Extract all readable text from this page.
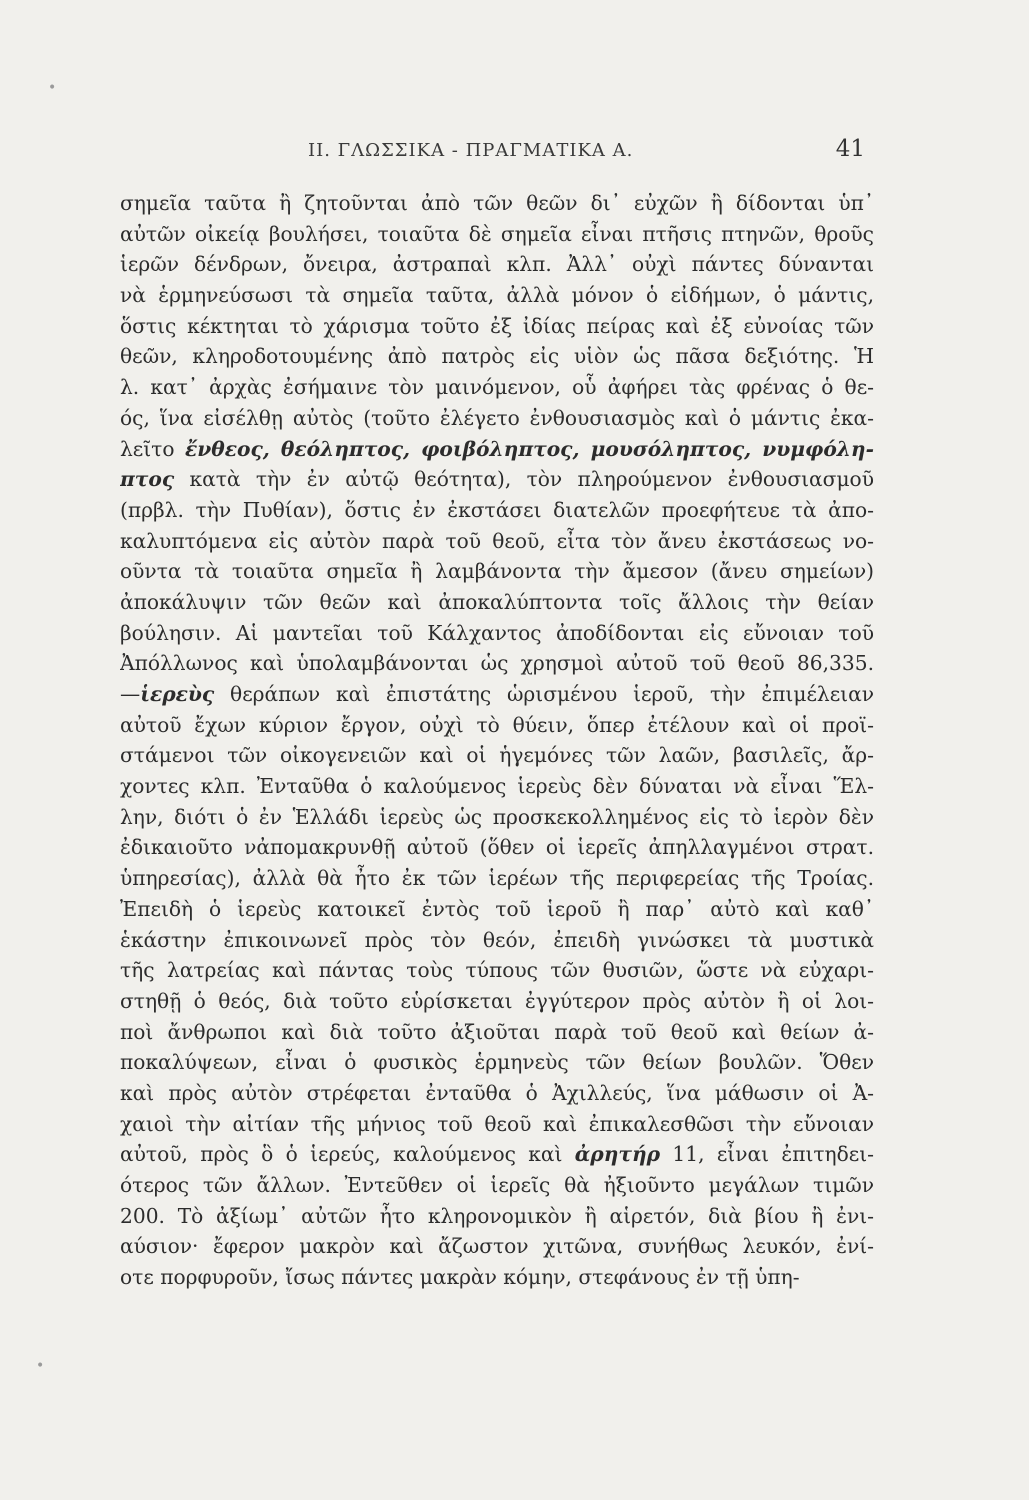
II. ΓΛΩΣΣΙΚΑ - ΠΡΑΓΜΑΤΙΚΑ Α.	41
σημεῖα ταῦτα ἢ ζητοῦνται ἀπὸ τῶν θεῶν δι᾽ εὐχῶν ἢ δίδονται ὑπ᾽
αὐτῶν οἰκείᾳ βουλήσει, τοιαῦτα δὲ σημεῖα εἶναι πτῆσις πτηνῶν, θροῦς
ἱερῶν δένδρων, ὄνειρα, ἀστραπαὶ κλπ. Ἀλλ᾽ οὐχὶ πάντες δύνανται
νὰ ἑρμηνεύσωσι τὰ σημεῖα ταῦτα, ἀλλὰ μόνον ὁ εἰδήμων, ὁ μάντις,
ὅστις κέκτηται τὸ χάρισμα τοῦτο ἐξ ἰδίας πείρας καὶ ἐξ εὐνοίας τῶν
θεῶν, κληροδοτουμένης ἀπὸ πατρὸς εἰς υἱὸν ὡς πᾶσα δεξιότης. Ἡ
λ. κατ᾽ ἀρχὰς ἐσήμαινε τὸν μαινόμενον, οὗ ἀφήρει τὰς φρένας ὁ θε-
ός, ἵνα εἰσέλθῃ αὐτὸς (τοῦτο ἐλέγετο ἐνθουσιασμὸς καὶ ὁ μάντις ἐκα-
λεῖτο ἔνθεος, θεόληπτος, φοιβόληπτος, μουσόληπτος, νυμφόλη-
πτος κατὰ τὴν ἐν αὐτῷ θεότητα), τὸν πληρούμενον ἐνθουσιασμοῦ
(πρβλ. τὴν Πυθίαν), ὅστις ἐν ἐκστάσει διατελῶν προεφήτευε τὰ ἀπο-
καλυπτόμενα εἰς αὐτὸν παρὰ τοῦ θεοῦ, εἶτα τὸν ἄνευ ἐκστάσεως νο-
οῦντα τὰ τοιαῦτα σημεῖα ἢ λαμβάνοντα τὴν ἄμεσον (ἄνευ σημείων)
ἀποκάλυψιν τῶν θεῶν καὶ ἀποκαλύπτοντα τοῖς ἄλλοις τὴν θείαν
βούλησιν. Αἱ μαντεῖαι τοῦ Κάλχαντος ἀποδίδονται εἰς εὔνοιαν τοῦ
Ἀπόλλωνος καὶ ὑπολαμβάνονται ὡς χρησμοὶ αὐτοῦ τοῦ θεοῦ 86,335.
—ἱερεὺς θεράπων καὶ ἐπιστάτης ὡρισμένου ἱεροῦ, τὴν ἐπιμέλειαν
αὐτοῦ ἔχων κύριον ἔργον, οὐχὶ τὸ θύειν, ὅπερ ἐτέλουν καὶ οἱ προϊ-
στάμενοι τῶν οἰκογενειῶν καὶ οἱ ἡγεμόνες τῶν λαῶν, βασιλεῖς, ἄρ-
χοντες κλπ. Ἐνταῦθα ὁ καλούμενος ἱερεὺς δὲν δύναται νὰ εἶναι Ἕλ-
λην, διότι ὁ ἐν Ἑλλάδι ἱερεὺς ὡς προσκεκολλημένος εἰς τὸ ἱερὸν δὲν
ἐδικαιοῦτο νἀπομακρυνθῇ αὐτοῦ (ὅθεν οἱ ἱερεῖς ἀπηλλαγμένοι στρατ.
ὑπηρεσίας), ἀλλὰ θὰ ἦτο ἐκ τῶν ἱερέων τῆς περιφερείας τῆς Τροίας.
Ἐπειδὴ ὁ ἱερεὺς κατοικεῖ ἐντὸς τοῦ ἱεροῦ ἢ παρ᾽ αὐτὸ καὶ καθ᾽
ἑκάστην ἐπικοινωνεῖ πρὸς τὸν θεόν, ἐπειδὴ γινώσκει τὰ μυστικὰ
τῆς λατρείας καὶ πάντας τοὺς τύπους τῶν θυσιῶν, ὥστε νὰ εὐχαρι-
στηθῇ ὁ θεός, διὰ τοῦτο εὑρίσκεται ἐγγύτερον πρὸς αὐτὸν ἢ οἱ λοι-
ποὶ ἄνθρωποι καὶ διὰ τοῦτο ἀξιοῦται παρὰ τοῦ θεοῦ καὶ θείων ἀ-
ποκαλύψεων, εἶναι ὁ φυσικὸς ἑρμηνεὺς τῶν θείων βουλῶν. Ὅθεν
καὶ πρὸς αὐτὸν στρέφεται ἐνταῦθα ὁ Ἀχιλλεύς, ἵνα μάθωσιν οἱ Ἀ-
χαιοὶ τὴν αἰτίαν τῆς μήνιος τοῦ θεοῦ καὶ ἐπικαλεσθῶσι τὴν εὔνοιαν
αὐτοῦ, πρὸς ὃ ὁ ἱερεύς, καλούμενος καὶ ἀρητήρ 11, εἶναι ἐπιτηδει-
ότερος τῶν ἄλλων. Ἐντεῦθεν οἱ ἱερεῖς θὰ ἠξιοῦντο μεγάλων τιμῶν
200. Τὸ ἀξίωμ᾽ αὐτῶν ἦτο κληρονομικὸν ἢ αἱρετόν, διὰ βίου ἢ ἐνι-
αύσιον· ἔφερον μακρὸν καὶ ἄζωστον χιτῶνα, συνήθως λευκόν, ἐνί-
οτε πορφυροῦν, ἴσως πάντες μακρὰν κόμην, στεφάνους ἐν τῇ ὑπη-
•
•
